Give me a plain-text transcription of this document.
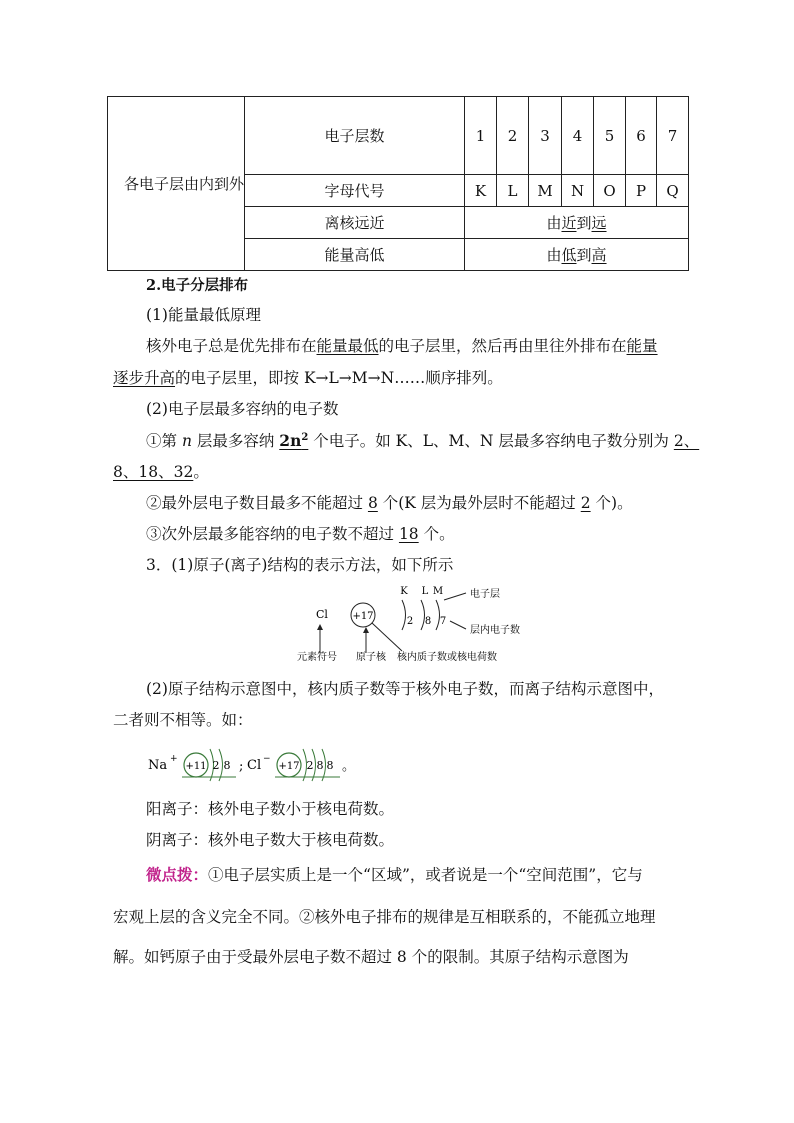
各电子层由内到外	电子层数	1	2	3	4	5	6	7
	字母代号	K	L	M	N	O	P	Q
	离核远近	由近到远						
	能量高低	由低到高						
2.电子分层排布
(1)能量最低原理
核外电子总是优先排布在能量最低的电子层里，然后再由里往外排布在能量
逐步升高的电子层里，即按 K→L→M→N……顺序排列。
(2)电子层最多容纳的电子数
①第 n 层最多容纳 $2n^2$ 个电子。如 K、L、M、N 层最多容纳电子数分别为 2、
8、18、32。
②最外层电子数目最多不能超过 8 个(K 层为最外层时不能超过 2 个)。
③次外层最多能容纳的电子数不超过 18 个。
3．(1)原子(离子)结构的表示方法，如下所示
Cl +17
K L M
2 8 7
电子层
层内电子数
元素符号 原子核 核内质子数或核电荷数
(2)原子结构示意图中，核内质子数等于核外电子数，而离子结构示意图中，
二者则不相等。如：
Na +
+11 2 8 ; Cl −
+17 2 8 8 。
阳离子：核外电子数小于核电荷数。
阴离子：核外电子数大于核电荷数。
微点拨：①电子层实质上是一个“区域”，或者说是一个“空间范围”，它与
宏观上层的含义完全不同。②核外电子排布的规律是互相联系的，不能孤立地理
解。如钙原子由于受最外层电子数不超过 8 个的限制。其原子结构示意图为
